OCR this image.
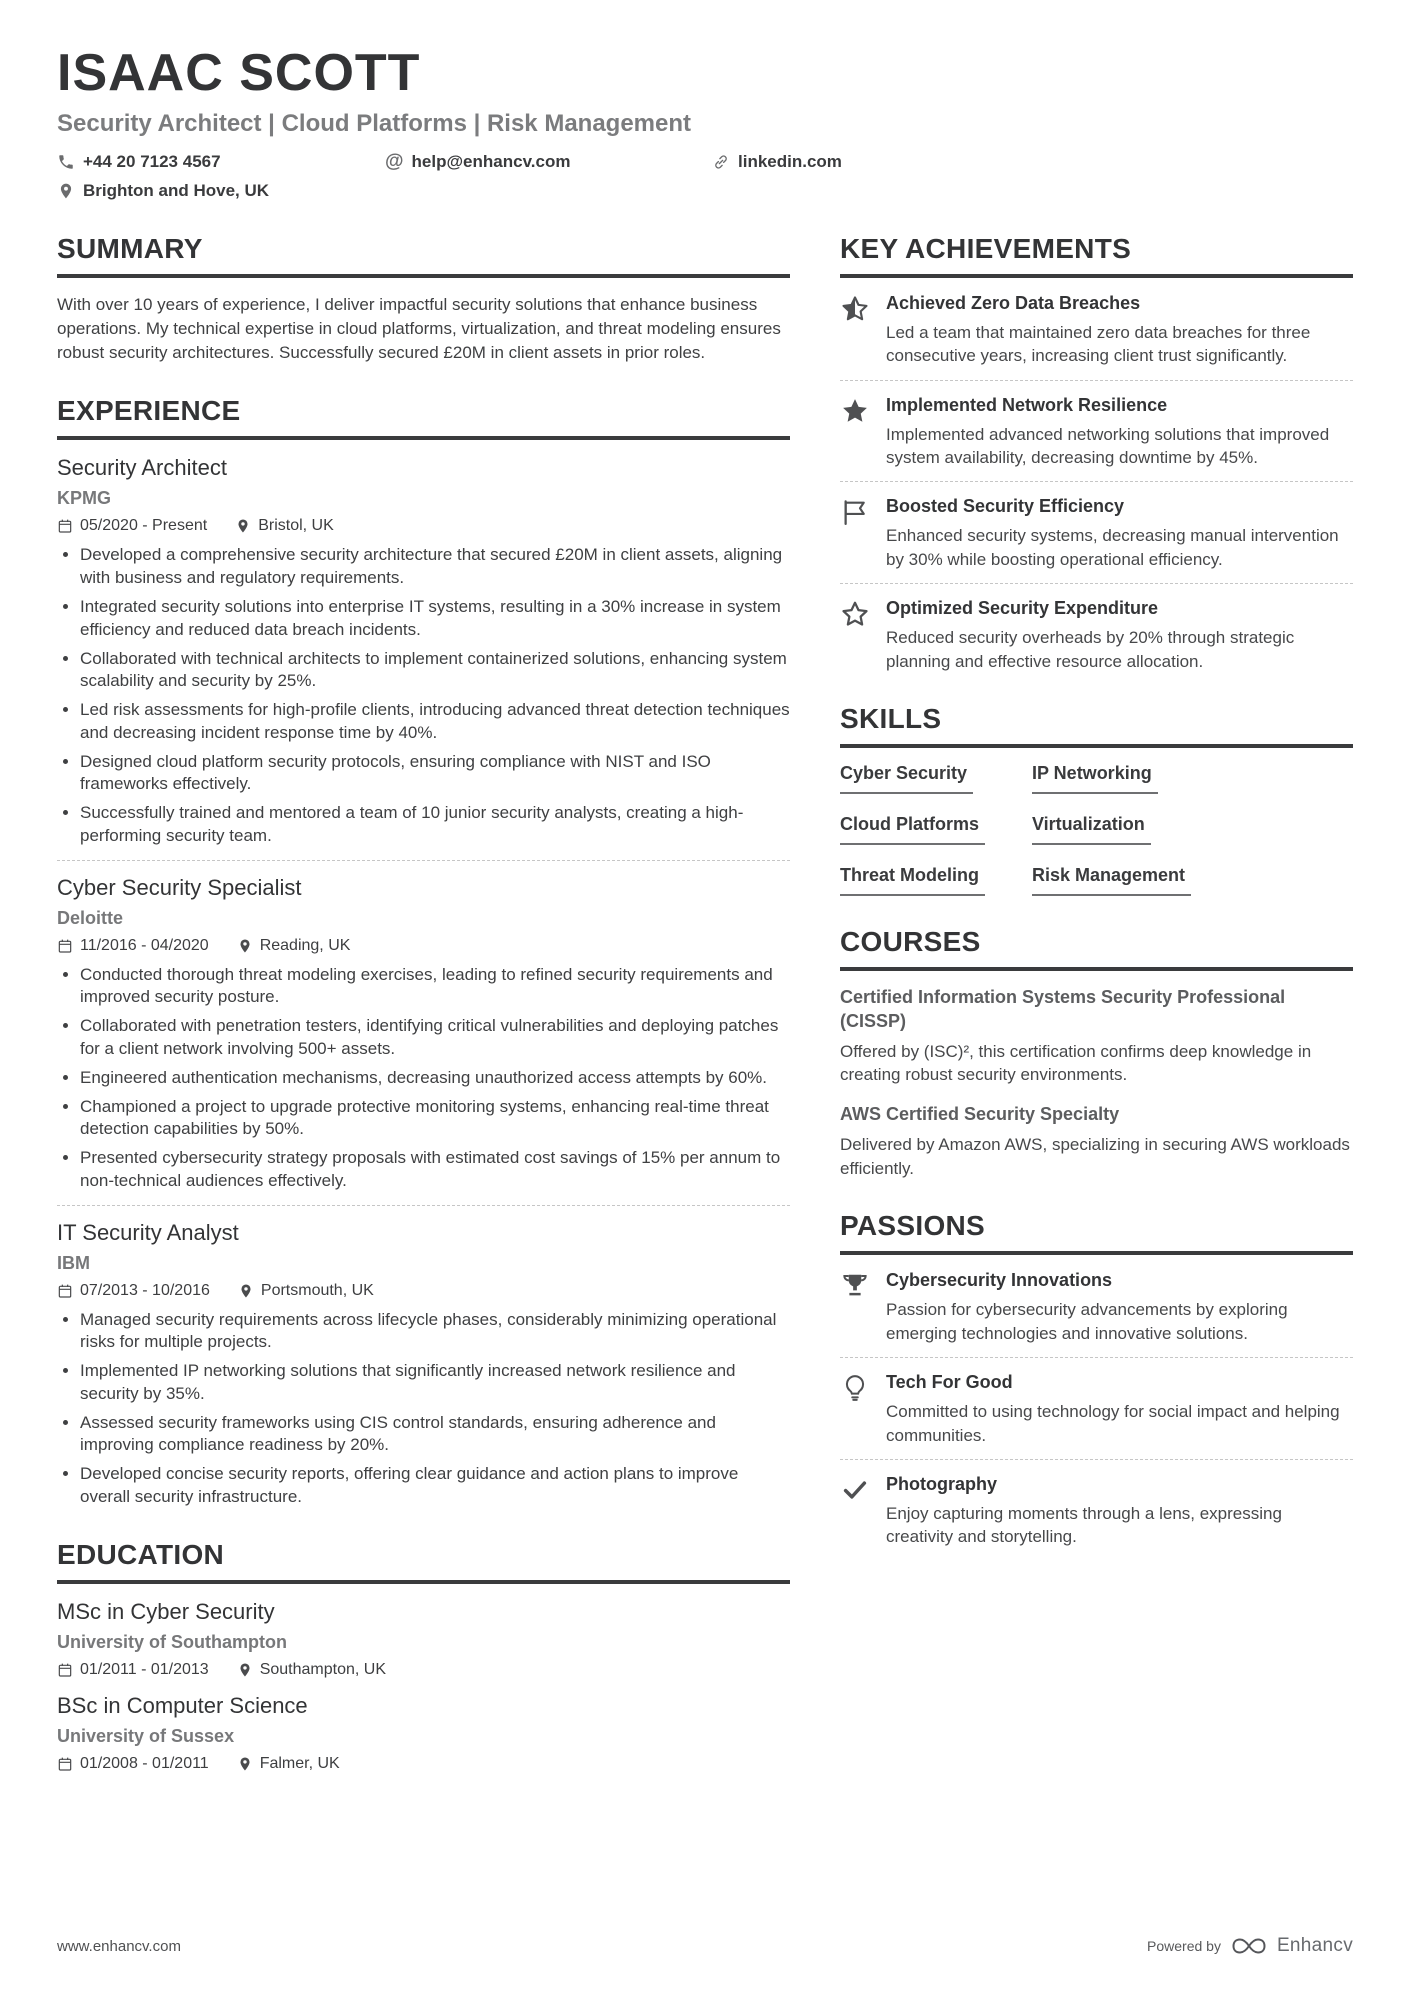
ISAAC SCOTT
Security Architect | Cloud Platforms | Risk Management
+44 20 7123 4567	@ help@enhancv.com	linkedin.com
Brighton and Hove, UK
SUMMARY

With over 10 years of experience, I deliver impactful security solutions that enhance business operations. My technical expertise in cloud platforms, virtualization, and threat modeling ensures robust security architectures. Successfully secured £20M in client assets in prior roles.

EXPERIENCE
Security Architect
KPMG
05/2020 - Present	Bristol, UK
• Developed a comprehensive security architecture that secured £20M in client assets, aligning with business and regulatory requirements.
• Integrated security solutions into enterprise IT systems, resulting in a 30% increase in system efficiency and reduced data breach incidents.
• Collaborated with technical architects to implement containerized solutions, enhancing system scalability and security by 25%.
• Led risk assessments for high-profile clients, introducing advanced threat detection techniques and decreasing incident response time by 40%.
• Designed cloud platform security protocols, ensuring compliance with NIST and ISO frameworks effectively.
• Successfully trained and mentored a team of 10 junior security analysts, creating a high-performing security team.
Cyber Security Specialist
Deloitte
11/2016 - 04/2020	Reading, UK
• Conducted thorough threat modeling exercises, leading to refined security requirements and improved security posture.
• Collaborated with penetration testers, identifying critical vulnerabilities and deploying patches for a client network involving 500+ assets.
• Engineered authentication mechanisms, decreasing unauthorized access attempts by 60%.
• Championed a project to upgrade protective monitoring systems, enhancing real-time threat detection capabilities by 50%.
• Presented cybersecurity strategy proposals with estimated cost savings of 15% per annum to non-technical audiences effectively.
IT Security Analyst
IBM
07/2013 - 10/2016	Portsmouth, UK
• Managed security requirements across lifecycle phases, considerably minimizing operational risks for multiple projects.
• Implemented IP networking solutions that significantly increased network resilience and security by 35%.
• Assessed security frameworks using CIS control standards, ensuring adherence and improving compliance readiness by 20%.
• Developed concise security reports, offering clear guidance and action plans to improve overall security infrastructure.
EDUCATION
MSc in Cyber Security
University of Southampton
01/2011 - 01/2013	Southampton, UK
BSc in Computer Science
University of Sussex
01/2008 - 01/2011	Falmer, UK
KEY ACHIEVEMENTS
Achieved Zero Data Breaches
Led a team that maintained zero data breaches for three consecutive years, increasing client trust significantly.
Implemented Network Resilience
Implemented advanced networking solutions that improved system availability, decreasing downtime by 45%.
Boosted Security Efficiency
Enhanced security systems, decreasing manual intervention by 30% while boosting operational efficiency.
Optimized Security Expenditure
Reduced security overheads by 20% through strategic planning and effective resource allocation.
SKILLS
Cyber Security	IP Networking
Cloud Platforms	Virtualization
Threat Modeling	Risk Management
COURSES
Certified Information Systems Security Professional (CISSP)
Offered by (ISC)², this certification confirms deep knowledge in creating robust security environments.
AWS Certified Security Specialty
Delivered by Amazon AWS, specializing in securing AWS workloads efficiently.
PASSIONS
Cybersecurity Innovations
Passion for cybersecurity advancements by exploring emerging technologies and innovative solutions.
Tech For Good
Committed to using technology for social impact and helping communities.
Photography
Enjoy capturing moments through a lens, expressing creativity and storytelling.
www.enhancv.com	Powered by	Enhancv
